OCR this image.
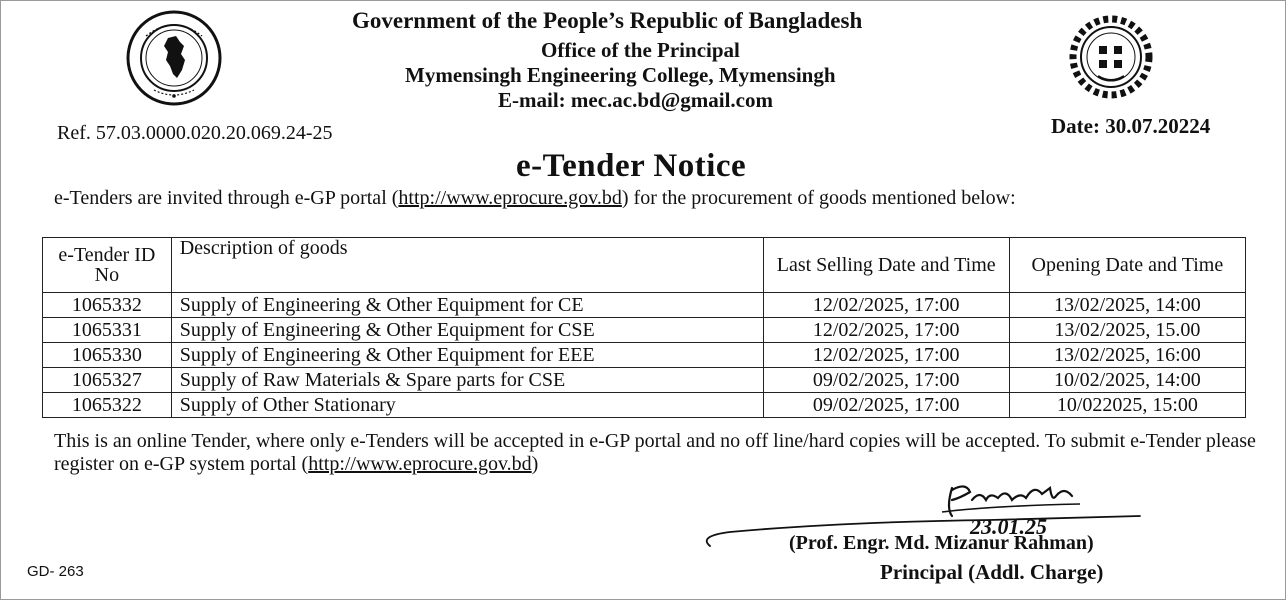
Government of the People’s Republic of Bangladesh
Office of the Principal
Mymensingh Engineering College, Mymensingh
E-mail: mec.ac.bd@gmail.com
Ref. 57.03.0000.020.20.069.24-25	Date: 30.07.20224
e-Tender Notice
e-Tenders are invited through e-GP portal (http://www.eprocure.gov.bd) for the procurement of goods mentioned below:
e-Tender ID No	Description of goods	Last Selling Date and Time	Opening Date and Time
1065332	Supply of Engineering & Other Equipment for CE	12/02/2025, 17:00	13/02/2025, 14:00
1065331	Supply of Engineering & Other Equipment for CSE	12/02/2025, 17:00	13/02/2025, 15.00
1065330	Supply of Engineering & Other Equipment for EEE	12/02/2025, 17:00	13/02/2025, 16:00
1065327	Supply of Raw Materials & Spare parts for CSE	09/02/2025, 17:00	10/02/2025, 14:00
1065322	Supply of Other Stationary	09/02/2025, 17:00	10/022025, 15:00
This is an online Tender, where only e-Tenders will be accepted in e-GP portal and no off line/hard copies will be accepted. To submit e-Tender please register on e-GP system portal (http://www.eprocure.gov.bd)
23.01.25
(Prof. Engr. Md. Mizanur Rahman)
Principal (Addl. Charge)
GD- 263
